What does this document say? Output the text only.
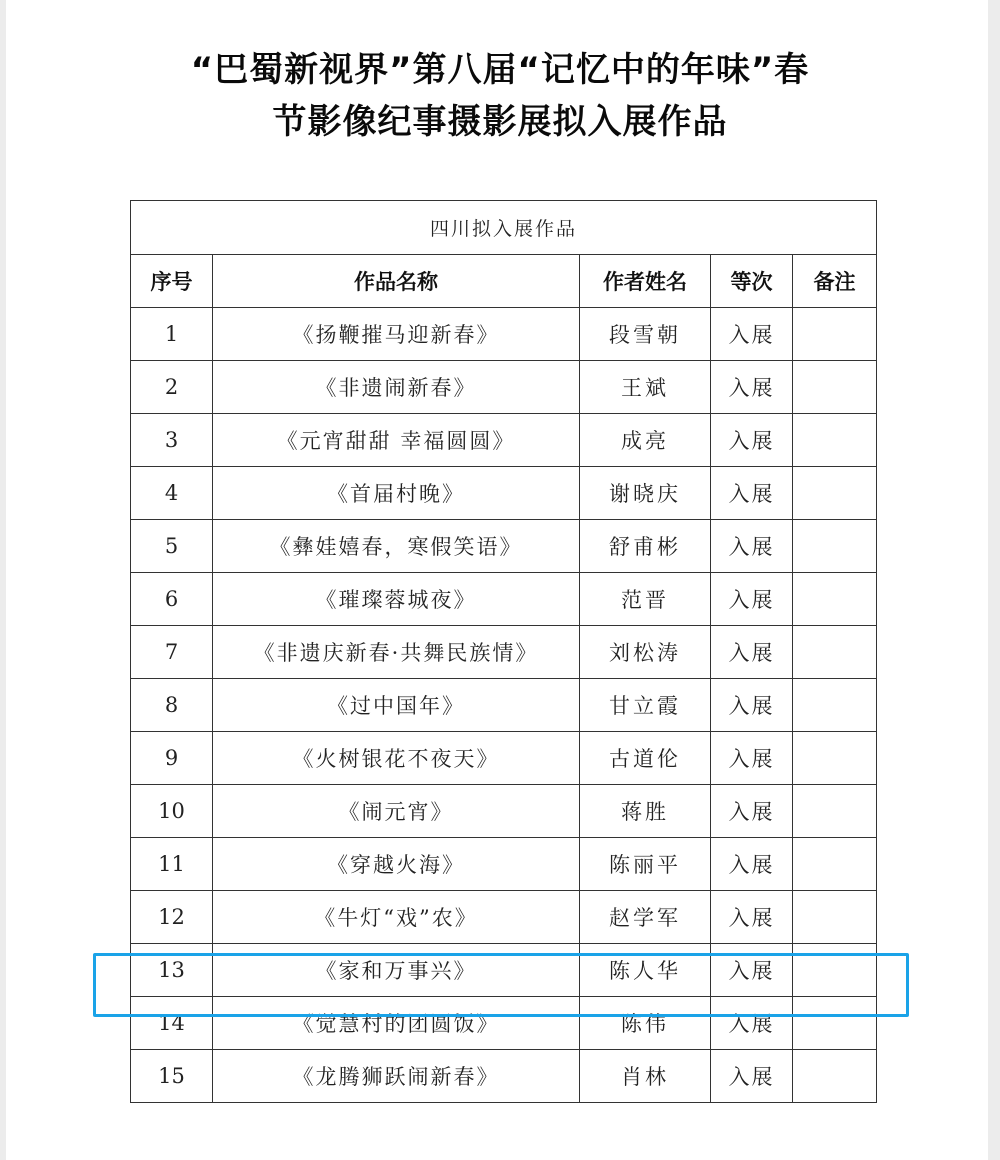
“巴蜀新视界”第八届“记忆中的年味”春
节影像纪事摄影展拟入展作品
四川拟入展作品				
序号	作品名称	作者姓名	等次	备注
1	《扬鞭摧马迎新春》	段雪朝	入展	
2	《非遗闹新春》	王斌	入展	
3	《元宵甜甜 幸福圆圆》	成亮	入展	
4	《首届村晚》	谢晓庆	入展	
5	《彝娃嬉春，寒假笑语》	舒甫彬	入展	
6	《璀璨蓉城夜》	范晋	入展	
7	《非遗庆新春·共舞民族情》	刘松涛	入展	
8	《过中国年》	甘立霞	入展	
9	《火树银花不夜天》	古道伦	入展	
10	《闹元宵》	蒋胜	入展	
11	《穿越火海》	陈丽平	入展	
12	《牛灯“戏”农》	赵学军	入展	
13	《家和万事兴》	陈人华	入展	
14	《觉慧村的团圆饭》	陈伟	入展	
15	《龙腾狮跃闹新春》	肖林	入展	
